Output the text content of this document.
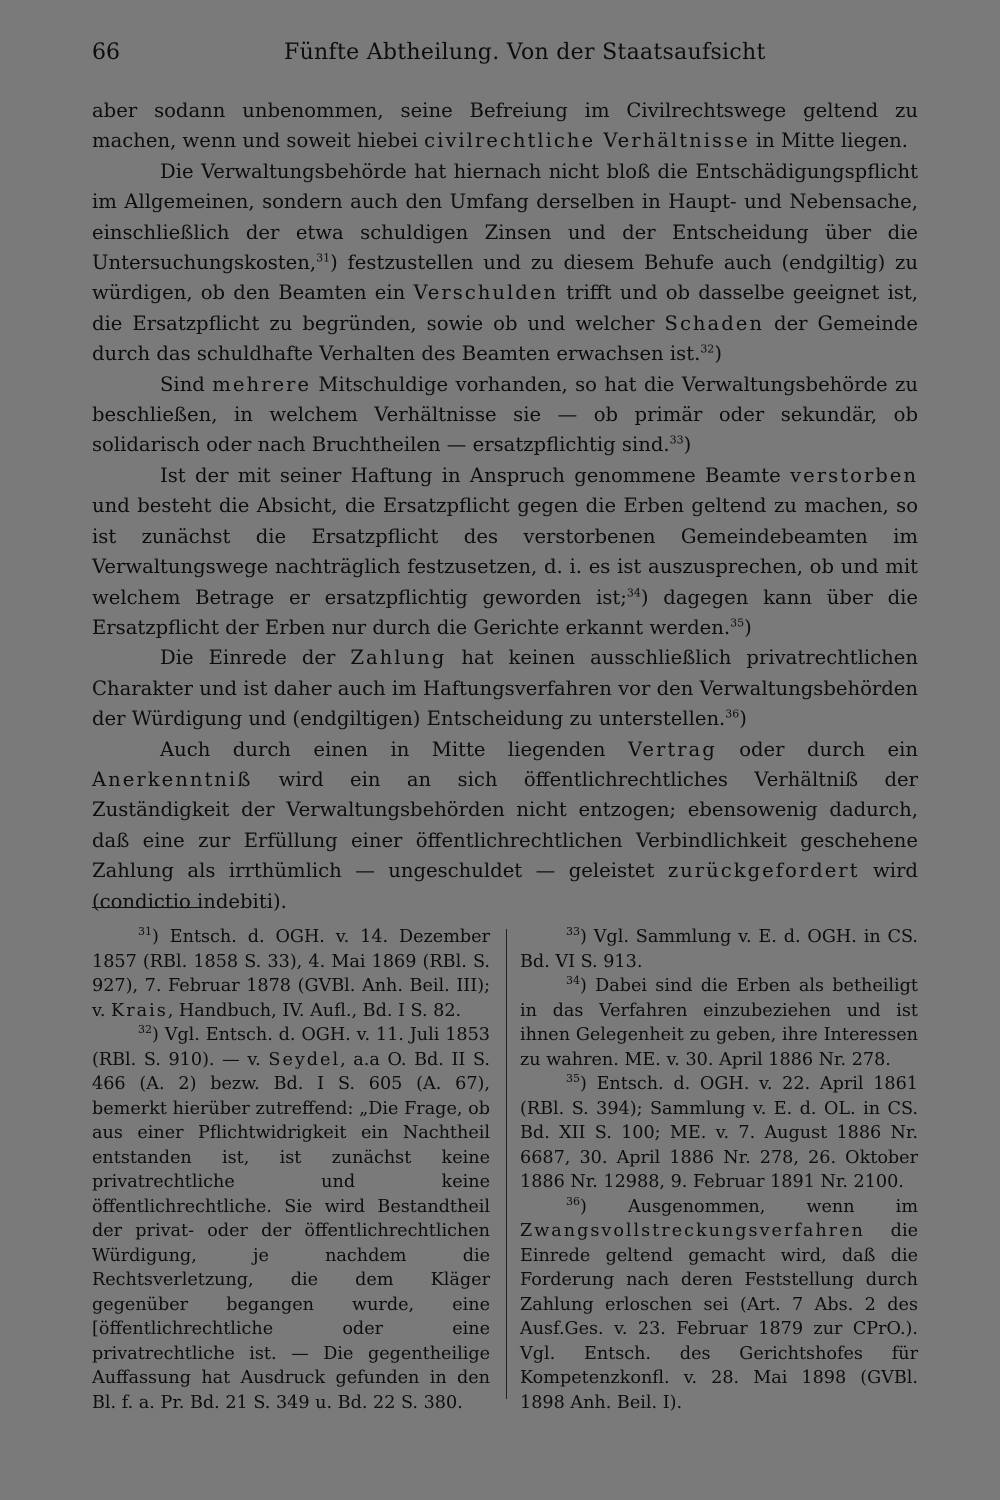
66	Fünfte Abtheilung. Von der Staatsaufsicht

aber sodann unbenommen, seine Befreiung im Civilrechtswege geltend zu machen, wenn und soweit hiebei civilrechtliche Verhältnisse in Mitte liegen.

Die Verwaltungsbehörde hat hiernach nicht bloß die Entschädigungspflicht im Allgemeinen, sondern auch den Umfang derselben in Haupt- und Nebensache, einschließlich der etwa schuldigen Zinsen und der Entscheidung über die Untersuchungskosten,$^{31}$) festzustellen und zu diesem Behufe auch (endgiltig) zu würdigen, ob den Beamten ein Verschulden trifft und ob dasselbe geeignet ist, die Ersatzpflicht zu begründen, sowie ob und welcher Schaden der Gemeinde durch das schuldhafte Verhalten des Beamten erwachsen ist.$^{32}$)

Sind mehrere Mitschuldige vorhanden, so hat die Verwaltungsbehörde zu beschließen, in welchem Verhältnisse sie — ob primär oder sekundär, ob solidarisch oder nach Bruchtheilen — ersatzpflichtig sind.$^{33}$)

Ist der mit seiner Haftung in Anspruch genommene Beamte verstorben und besteht die Absicht, die Ersatzpflicht gegen die Erben geltend zu machen, so ist zunächst die Ersatzpflicht des verstorbenen Gemeindebeamten im Verwaltungswege nachträglich festzusetzen, d. i. es ist auszusprechen, ob und mit welchem Betrage er ersatzpflichtig geworden ist;$^{34}$) dagegen kann über die Ersatzpflicht der Erben nur durch die Gerichte erkannt werden.$^{35}$)

Die Einrede der Zahlung hat keinen ausschließlich privatrechtlichen Charakter und ist daher auch im Haftungsverfahren vor den Verwaltungsbehörden der Würdigung und (endgiltigen) Entscheidung zu unterstellen.$^{36}$)

Auch durch einen in Mitte liegenden Vertrag oder durch ein Anerkenntniß wird ein an sich öffentlichrechtliches Verhältniß der Zuständigkeit der Verwaltungsbehörden nicht entzogen; ebensowenig dadurch, daß eine zur Erfüllung einer öffentlichrechtlichen Verbindlichkeit geschehene Zahlung als irrthümlich — ungeschuldet — geleistet zurückgefordert wird (condictio indebiti).

$^{31}$) Entsch. d. OGH. v. 14. Dezember 1857 (RBl. 1858 S. 33), 4. Mai 1869 (RBl. S. 927), 7. Februar 1878 (GVBl. Anh. Beil. III); v. Krais, Handbuch, IV. Aufl., Bd. I S. 82.

$^{32}$) Vgl. Entsch. d. OGH. v. 11. Juli 1853 (RBl. S. 910). — v. Seydel, a.a O. Bd. II S. 466 (A. 2) bezw. Bd. I S. 605 (A. 67), bemerkt hierüber zutreffend: „Die Frage, ob aus einer Pflichtwidrigkeit ein Nachtheil entstanden ist, ist zunächst keine privatrechtliche und keine öffentlichrechtliche. Sie wird Bestandtheil der privat- oder der öffentlichrechtlichen Würdigung, je nachdem die Rechtsverletzung, die dem Kläger gegenüber begangen wurde, eine [öffentlichrechtliche oder eine privatrechtliche ist. — Die gegentheilige Auffassung hat Ausdruck gefunden in den Bl. f. a. Pr. Bd. 21 S. 349 u. Bd. 22 S. 380.

$^{33}$) Vgl. Sammlung v. E. d. OGH. in CS. Bd. VI S. 913.

$^{34}$) Dabei sind die Erben als betheiligt in das Verfahren einzubeziehen und ist ihnen Gelegenheit zu geben, ihre Interessen zu wahren. ME. v. 30. April 1886 Nr. 278.

$^{35}$) Entsch. d. OGH. v. 22. April 1861 (RBl. S. 394); Sammlung v. E. d. OL. in CS. Bd. XII S. 100; ME. v. 7. August 1886 Nr. 6687, 30. April 1886 Nr. 278, 26. Oktober 1886 Nr. 12988, 9. Februar 1891 Nr. 2100.

$^{36}$) Ausgenommen, wenn im Zwangsvollstreckungsverfahren die Einrede geltend gemacht wird, daß die Forderung nach deren Feststellung durch Zahlung erloschen sei (Art. 7 Abs. 2 des Ausf.Ges. v. 23. Februar 1879 zur CPrO.). Vgl. Entsch. des Gerichtshofes für Kompetenzkonfl. v. 28. Mai 1898 (GVBl. 1898 Anh. Beil. I).
